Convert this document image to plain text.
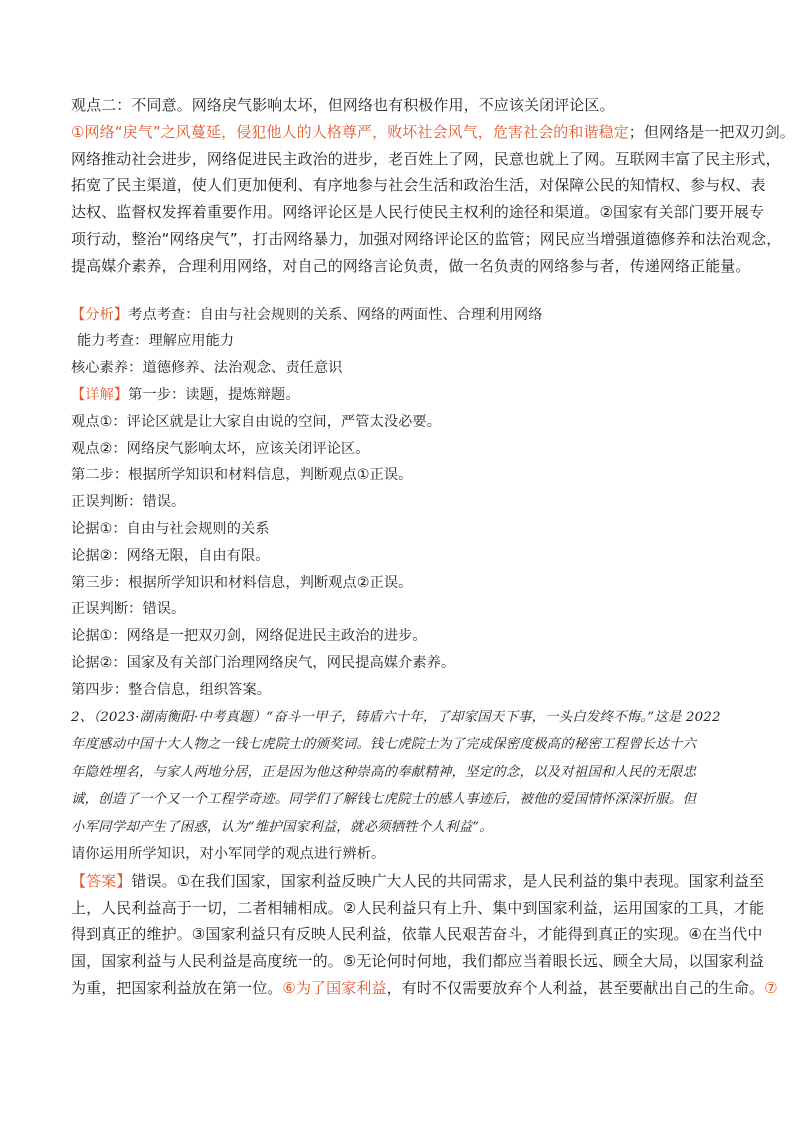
观点二：不同意。网络戾气影响太坏，但网络也有积极作用，不应该关闭评论区。
①网络“戾气”之风蔓延，侵犯他人的人格尊严，败坏社会风气，危害社会的和谐稳定；但网络是一把双刃剑。
网络推动社会进步，网络促进民主政治的进步，老百姓上了网，民意也就上了网。互联网丰富了民主形式，
拓宽了民主渠道，使人们更加便利、有序地参与社会生活和政治生活，对保障公民的知情权、参与权、表
达权、监督权发挥着重要作用。网络评论区是人民行使民主权利的途径和渠道。②国家有关部门要开展专
项行动，整治“网络戾气”，打击网络暴力，加强对网络评论区的监管；网民应当增强道德修养和法治观念，
提高媒介素养，合理利用网络，对自己的网络言论负责，做一名负责的网络参与者，传递网络正能量。
【分析】考点考查：自由与社会规则的关系、网络的两面性、合理利用网络
能力考查：理解应用能力
核心素养：道德修养、法治观念、责任意识
【详解】第一步：读题，提炼辩题。
观点①：评论区就是让大家自由说的空间，严管太没必要。
观点②：网络戾气影响太坏，应该关闭评论区。
第二步：根据所学知识和材料信息，判断观点①正误。
正误判断：错误。
论据①：自由与社会规则的关系
论据②：网络无限，自由有限。
第三步：根据所学知识和材料信息，判断观点②正误。
正误判断：错误。
论据①：网络是一把双刃剑，网络促进民主政治的进步。
论据②：国家及有关部门治理网络戾气，网民提高媒介素养。
第四步：整合信息，组织答案。
2、（2023·湖南衡阳·中考真题）“奋斗一甲子，铸盾六十年，了却家国天下事，一头白发终不悔。”这是 2022
年度感动中国十大人物之一钱七虎院士的颁奖词。钱七虎院士为了完成保密度极高的秘密工程曾长达十六
年隐姓埋名，与家人两地分居，正是因为他这种崇高的奉献精神，坚定的念，以及对祖国和人民的无限忠
诚，创造了一个又一个工程学奇迹。同学们了解钱七虎院士的感人事迹后，被他的爱国情怀深深折服。但
小军同学却产生了困惑，认为“维护国家利益，就必须牺牲个人利益”。
请你运用所学知识，对小军同学的观点进行辨析。
【答案】错误。①在我们国家，国家利益反映广大人民的共同需求，是人民利益的集中表现。国家利益至
上，人民利益高于一切，二者相辅相成。②人民利益只有上升、集中到国家利益，运用国家的工具，才能
得到真正的维护。③国家利益只有反映人民利益，依靠人民艰苦奋斗，才能得到真正的实现。④在当代中
国，国家利益与人民利益是高度统一的。⑤无论何时何地，我们都应当着眼长远、顾全大局，以国家利益
为重，把国家利益放在第一位。⑥为了国家利益，有时不仅需要放弃个人利益，甚至要献出自己的生命。⑦
